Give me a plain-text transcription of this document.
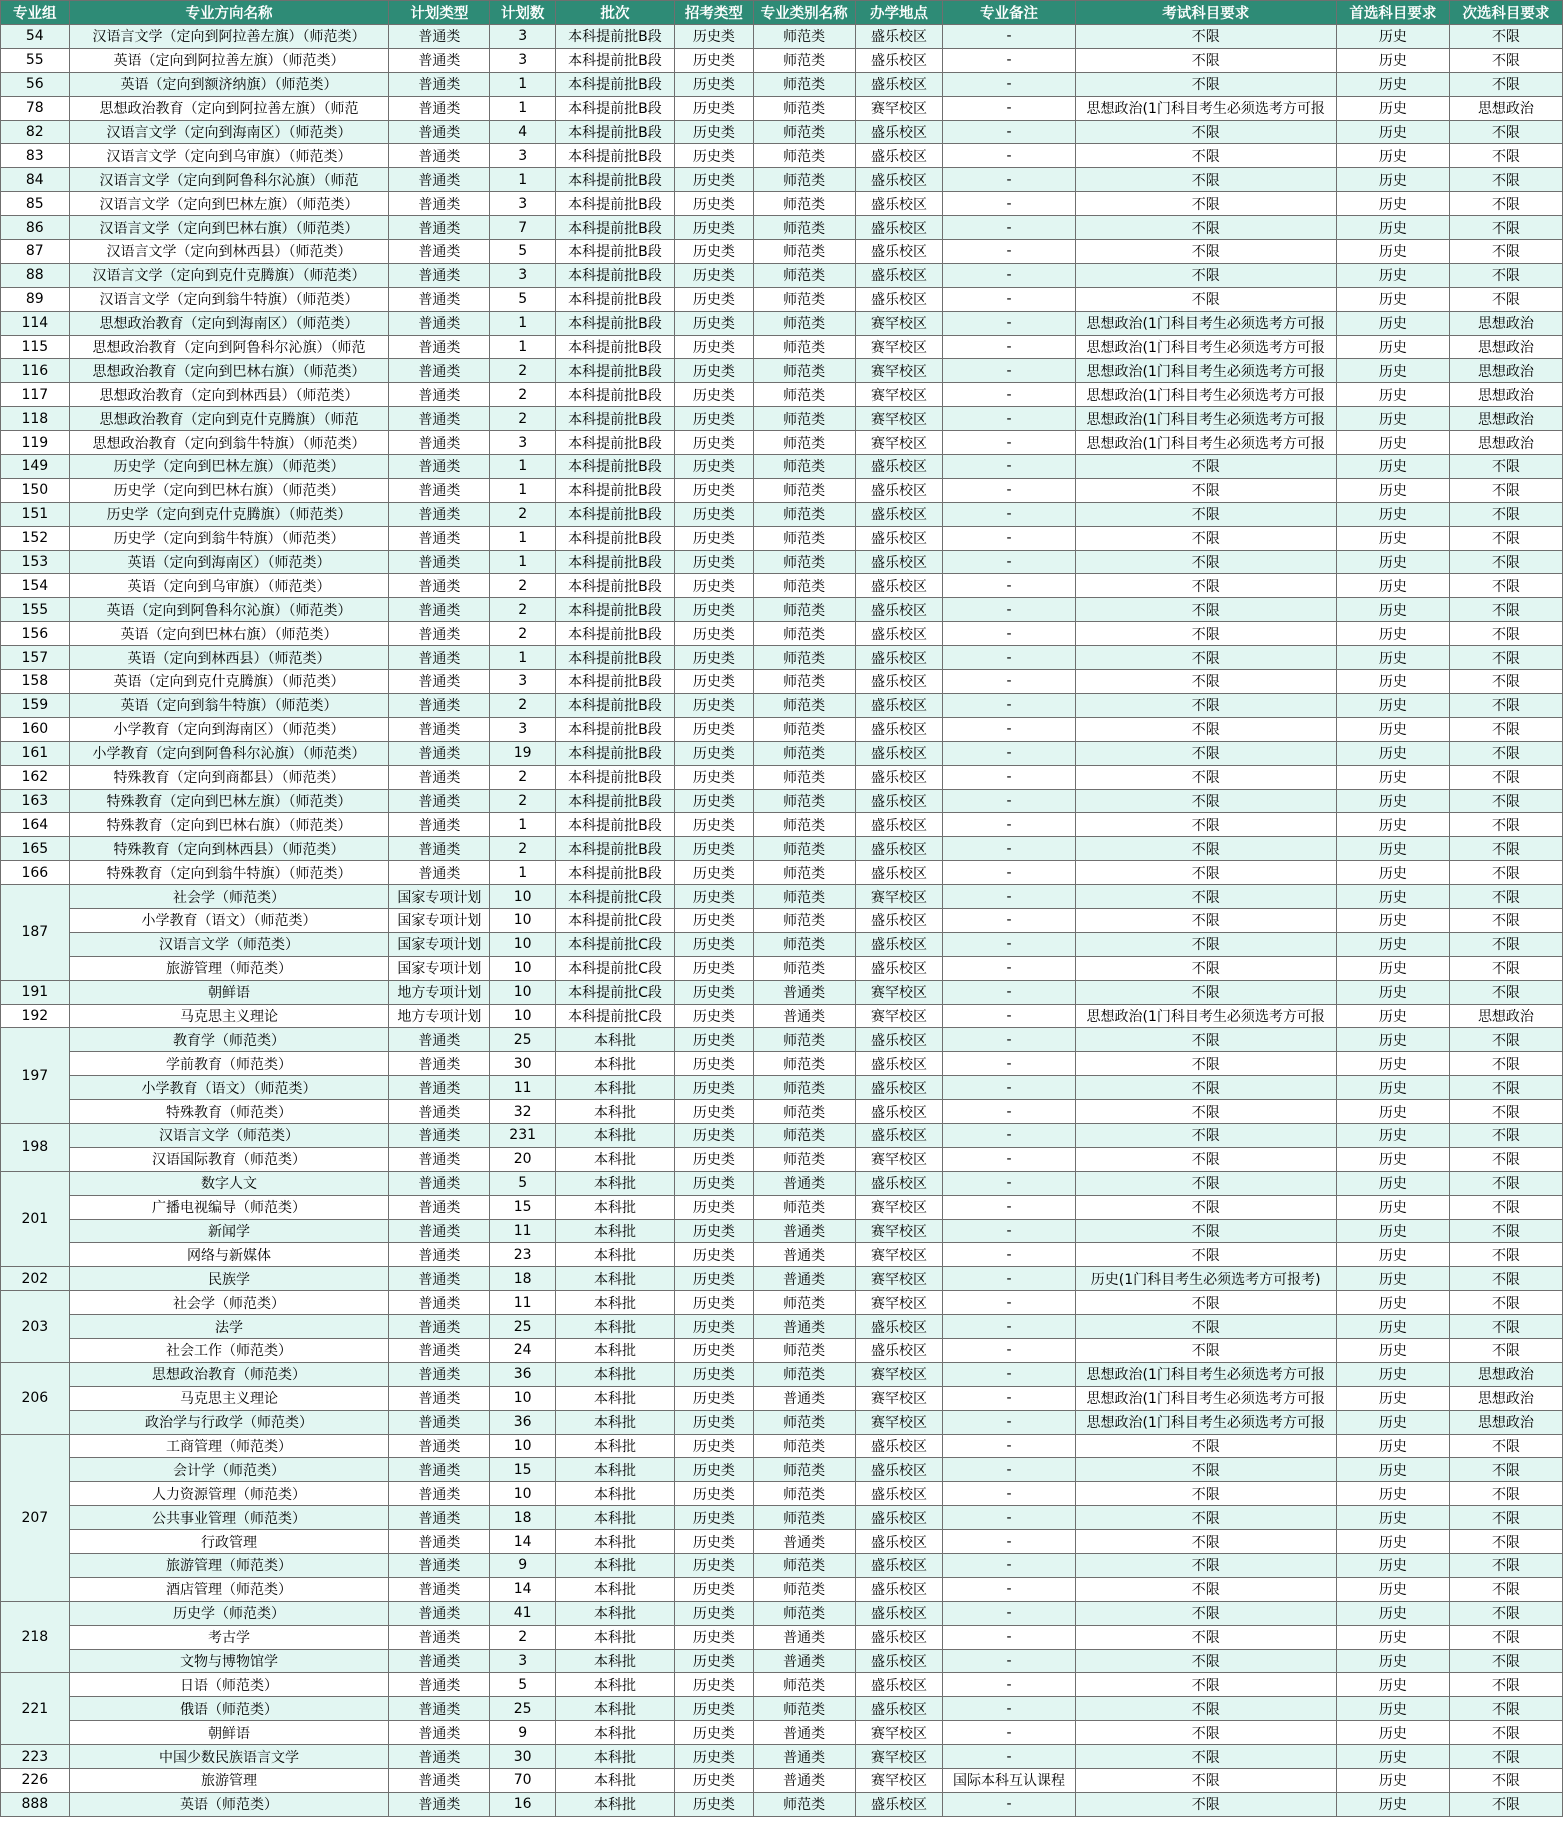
专业组	专业方向名称	计划类型	计划数	批次	招考类型	专业类别名称	办学地点	专业备注	考试科目要求	首选科目要求	次选科目要求
54	汉语言文学（定向到阿拉善左旗）（师范类）	普通类	3	本科提前批B段	历史类	师范类	盛乐校区	-	不限	历史	不限
55	英语（定向到阿拉善左旗）（师范类）	普通类	3	本科提前批B段	历史类	师范类	盛乐校区	-	不限	历史	不限
56	英语（定向到额济纳旗）（师范类）	普通类	1	本科提前批B段	历史类	师范类	盛乐校区	-	不限	历史	不限
78	思想政治教育（定向到阿拉善左旗）（师范	普通类	1	本科提前批B段	历史类	师范类	赛罕校区	-	思想政治(1门科目考生必须选考方可报	历史	思想政治
82	汉语言文学（定向到海南区）（师范类）	普通类	4	本科提前批B段	历史类	师范类	盛乐校区	-	不限	历史	不限
83	汉语言文学（定向到乌审旗）（师范类）	普通类	3	本科提前批B段	历史类	师范类	盛乐校区	-	不限	历史	不限
84	汉语言文学（定向到阿鲁科尔沁旗）（师范	普通类	1	本科提前批B段	历史类	师范类	盛乐校区	-	不限	历史	不限
85	汉语言文学（定向到巴林左旗）（师范类）	普通类	3	本科提前批B段	历史类	师范类	盛乐校区	-	不限	历史	不限
86	汉语言文学（定向到巴林右旗）（师范类）	普通类	7	本科提前批B段	历史类	师范类	盛乐校区	-	不限	历史	不限
87	汉语言文学（定向到林西县）（师范类）	普通类	5	本科提前批B段	历史类	师范类	盛乐校区	-	不限	历史	不限
88	汉语言文学（定向到克什克腾旗）（师范类）	普通类	3	本科提前批B段	历史类	师范类	盛乐校区	-	不限	历史	不限
89	汉语言文学（定向到翁牛特旗）（师范类）	普通类	5	本科提前批B段	历史类	师范类	盛乐校区	-	不限	历史	不限
114	思想政治教育（定向到海南区）（师范类）	普通类	1	本科提前批B段	历史类	师范类	赛罕校区	-	思想政治(1门科目考生必须选考方可报	历史	思想政治
115	思想政治教育（定向到阿鲁科尔沁旗）（师范	普通类	1	本科提前批B段	历史类	师范类	赛罕校区	-	思想政治(1门科目考生必须选考方可报	历史	思想政治
116	思想政治教育（定向到巴林右旗）（师范类）	普通类	2	本科提前批B段	历史类	师范类	赛罕校区	-	思想政治(1门科目考生必须选考方可报	历史	思想政治
117	思想政治教育（定向到林西县）（师范类）	普通类	2	本科提前批B段	历史类	师范类	赛罕校区	-	思想政治(1门科目考生必须选考方可报	历史	思想政治
118	思想政治教育（定向到克什克腾旗）（师范	普通类	2	本科提前批B段	历史类	师范类	赛罕校区	-	思想政治(1门科目考生必须选考方可报	历史	思想政治
119	思想政治教育（定向到翁牛特旗）（师范类）	普通类	3	本科提前批B段	历史类	师范类	赛罕校区	-	思想政治(1门科目考生必须选考方可报	历史	思想政治
149	历史学（定向到巴林左旗）（师范类）	普通类	1	本科提前批B段	历史类	师范类	盛乐校区	-	不限	历史	不限
150	历史学（定向到巴林右旗）（师范类）	普通类	1	本科提前批B段	历史类	师范类	盛乐校区	-	不限	历史	不限
151	历史学（定向到克什克腾旗）（师范类）	普通类	2	本科提前批B段	历史类	师范类	盛乐校区	-	不限	历史	不限
152	历史学（定向到翁牛特旗）（师范类）	普通类	1	本科提前批B段	历史类	师范类	盛乐校区	-	不限	历史	不限
153	英语（定向到海南区）（师范类）	普通类	1	本科提前批B段	历史类	师范类	盛乐校区	-	不限	历史	不限
154	英语（定向到乌审旗）（师范类）	普通类	2	本科提前批B段	历史类	师范类	盛乐校区	-	不限	历史	不限
155	英语（定向到阿鲁科尔沁旗）（师范类）	普通类	2	本科提前批B段	历史类	师范类	盛乐校区	-	不限	历史	不限
156	英语（定向到巴林右旗）（师范类）	普通类	2	本科提前批B段	历史类	师范类	盛乐校区	-	不限	历史	不限
157	英语（定向到林西县）（师范类）	普通类	1	本科提前批B段	历史类	师范类	盛乐校区	-	不限	历史	不限
158	英语（定向到克什克腾旗）（师范类）	普通类	3	本科提前批B段	历史类	师范类	盛乐校区	-	不限	历史	不限
159	英语（定向到翁牛特旗）（师范类）	普通类	2	本科提前批B段	历史类	师范类	盛乐校区	-	不限	历史	不限
160	小学教育（定向到海南区）（师范类）	普通类	3	本科提前批B段	历史类	师范类	盛乐校区	-	不限	历史	不限
161	小学教育（定向到阿鲁科尔沁旗）（师范类）	普通类	19	本科提前批B段	历史类	师范类	盛乐校区	-	不限	历史	不限
162	特殊教育（定向到商都县）（师范类）	普通类	2	本科提前批B段	历史类	师范类	盛乐校区	-	不限	历史	不限
163	特殊教育（定向到巴林左旗）（师范类）	普通类	2	本科提前批B段	历史类	师范类	盛乐校区	-	不限	历史	不限
164	特殊教育（定向到巴林右旗）（师范类）	普通类	1	本科提前批B段	历史类	师范类	盛乐校区	-	不限	历史	不限
165	特殊教育（定向到林西县）（师范类）	普通类	2	本科提前批B段	历史类	师范类	盛乐校区	-	不限	历史	不限
166	特殊教育（定向到翁牛特旗）（师范类）	普通类	1	本科提前批B段	历史类	师范类	盛乐校区	-	不限	历史	不限
187	社会学（师范类）	国家专项计划	10	本科提前批C段	历史类	师范类	赛罕校区	-	不限	历史	不限
	小学教育（语文）（师范类）	国家专项计划	10	本科提前批C段	历史类	师范类	盛乐校区	-	不限	历史	不限
	汉语言文学（师范类）	国家专项计划	10	本科提前批C段	历史类	师范类	盛乐校区	-	不限	历史	不限
	旅游管理（师范类）	国家专项计划	10	本科提前批C段	历史类	师范类	盛乐校区	-	不限	历史	不限
191	朝鲜语	地方专项计划	10	本科提前批C段	历史类	普通类	赛罕校区	-	不限	历史	不限
192	马克思主义理论	地方专项计划	10	本科提前批C段	历史类	普通类	赛罕校区	-	思想政治(1门科目考生必须选考方可报	历史	思想政治
197	教育学（师范类）	普通类	25	本科批	历史类	师范类	盛乐校区	-	不限	历史	不限
	学前教育（师范类）	普通类	30	本科批	历史类	师范类	盛乐校区	-	不限	历史	不限
	小学教育（语文）（师范类）	普通类	11	本科批	历史类	师范类	盛乐校区	-	不限	历史	不限
	特殊教育（师范类）	普通类	32	本科批	历史类	师范类	盛乐校区	-	不限	历史	不限
198	汉语言文学（师范类）	普通类	231	本科批	历史类	师范类	盛乐校区	-	不限	历史	不限
	汉语国际教育（师范类）	普通类	20	本科批	历史类	师范类	赛罕校区	-	不限	历史	不限
201	数字人文	普通类	5	本科批	历史类	普通类	盛乐校区	-	不限	历史	不限
	广播电视编导（师范类）	普通类	15	本科批	历史类	师范类	赛罕校区	-	不限	历史	不限
	新闻学	普通类	11	本科批	历史类	普通类	赛罕校区	-	不限	历史	不限
	网络与新媒体	普通类	23	本科批	历史类	普通类	赛罕校区	-	不限	历史	不限
202	民族学	普通类	18	本科批	历史类	普通类	赛罕校区	-	历史(1门科目考生必须选考方可报考)	历史	不限
203	社会学（师范类）	普通类	11	本科批	历史类	师范类	赛罕校区	-	不限	历史	不限
	法学	普通类	25	本科批	历史类	普通类	盛乐校区	-	不限	历史	不限
	社会工作（师范类）	普通类	24	本科批	历史类	师范类	盛乐校区	-	不限	历史	不限
206	思想政治教育（师范类）	普通类	36	本科批	历史类	师范类	赛罕校区	-	思想政治(1门科目考生必须选考方可报	历史	思想政治
	马克思主义理论	普通类	10	本科批	历史类	普通类	赛罕校区	-	思想政治(1门科目考生必须选考方可报	历史	思想政治
	政治学与行政学（师范类）	普通类	36	本科批	历史类	师范类	赛罕校区	-	思想政治(1门科目考生必须选考方可报	历史	思想政治
207	工商管理（师范类）	普通类	10	本科批	历史类	师范类	盛乐校区	-	不限	历史	不限
	会计学（师范类）	普通类	15	本科批	历史类	师范类	盛乐校区	-	不限	历史	不限
	人力资源管理（师范类）	普通类	10	本科批	历史类	师范类	盛乐校区	-	不限	历史	不限
	公共事业管理（师范类）	普通类	18	本科批	历史类	师范类	盛乐校区	-	不限	历史	不限
	行政管理	普通类	14	本科批	历史类	普通类	盛乐校区	-	不限	历史	不限
	旅游管理（师范类）	普通类	9	本科批	历史类	师范类	盛乐校区	-	不限	历史	不限
	酒店管理（师范类）	普通类	14	本科批	历史类	师范类	盛乐校区	-	不限	历史	不限
218	历史学（师范类）	普通类	41	本科批	历史类	师范类	盛乐校区	-	不限	历史	不限
	考古学	普通类	2	本科批	历史类	普通类	盛乐校区	-	不限	历史	不限
	文物与博物馆学	普通类	3	本科批	历史类	普通类	盛乐校区	-	不限	历史	不限
221	日语（师范类）	普通类	5	本科批	历史类	师范类	盛乐校区	-	不限	历史	不限
	俄语（师范类）	普通类	25	本科批	历史类	师范类	盛乐校区	-	不限	历史	不限
	朝鲜语	普通类	9	本科批	历史类	普通类	赛罕校区	-	不限	历史	不限
223	中国少数民族语言文学	普通类	30	本科批	历史类	普通类	赛罕校区	-	不限	历史	不限
226	旅游管理	普通类	70	本科批	历史类	普通类	赛罕校区	国际本科互认课程	不限	历史	不限
888	英语（师范类）	普通类	16	本科批	历史类	师范类	盛乐校区	-	不限	历史	不限
